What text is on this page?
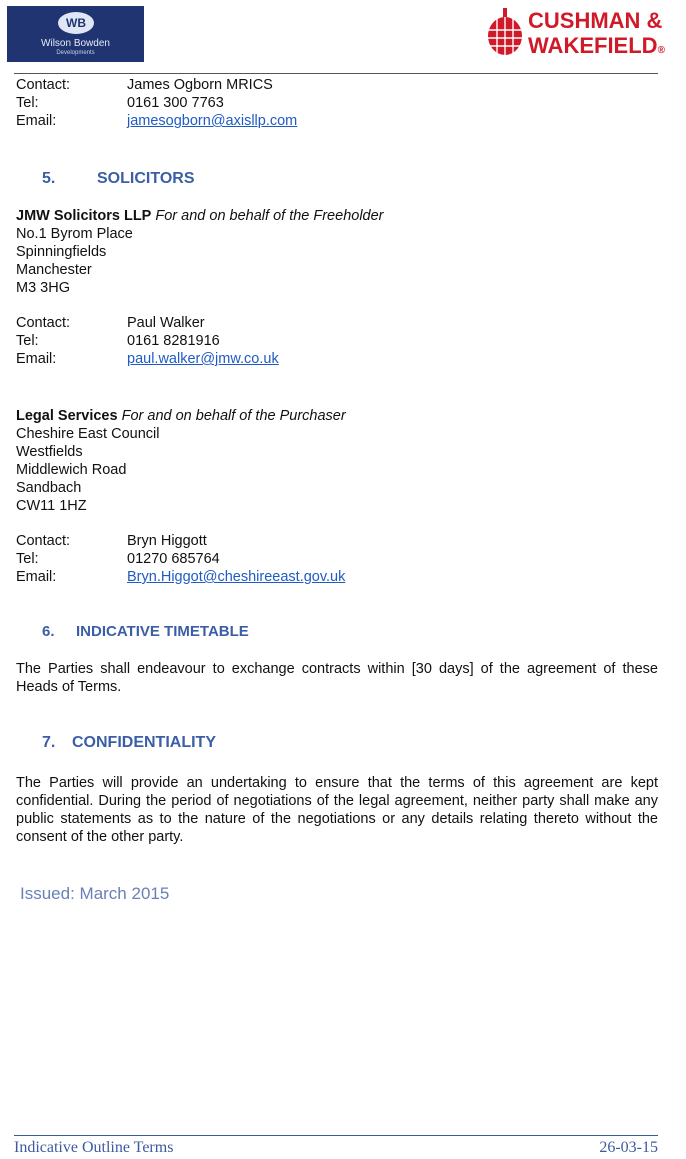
WB
Wilson Bowden
Developments
CUSHMAN &
WAKEFIELD®
Contact:	James Ogborn MRICS
Tel:	0161 300 7763
Email:	jamesogborn@axisllp.com
5.	SOLICITORS
JMW Solicitors LLP For and on behalf of the Freeholder
No.1 Byrom Place
Spinningfields
Manchester
M3 3HG
Contact:	Paul Walker
Tel:	0161 8281916
Email:	paul.walker@jmw.co.uk
Legal Services For and on behalf of the Purchaser
Cheshire East Council
Westfields
Middlewich Road
Sandbach
CW11 1HZ
Contact:	Bryn Higgott
Tel:	01270 685764
Email:	Bryn.Higgot@cheshireeast.gov.uk
6. INDICATIVE TIMETABLE
The Parties shall endeavour to exchange contracts within [30 days] of the agreement of these Heads of Terms.
7. CONFIDENTIALITY
The Parties will provide an undertaking to ensure that the terms of this agreement are kept confidential. During the period of negotiations of the legal agreement, neither party shall make any public statements as to the nature of the negotiations or any details relating thereto without the consent of the other party.
Issued: March 2015
Indicative Outline Terms	26-03-15
